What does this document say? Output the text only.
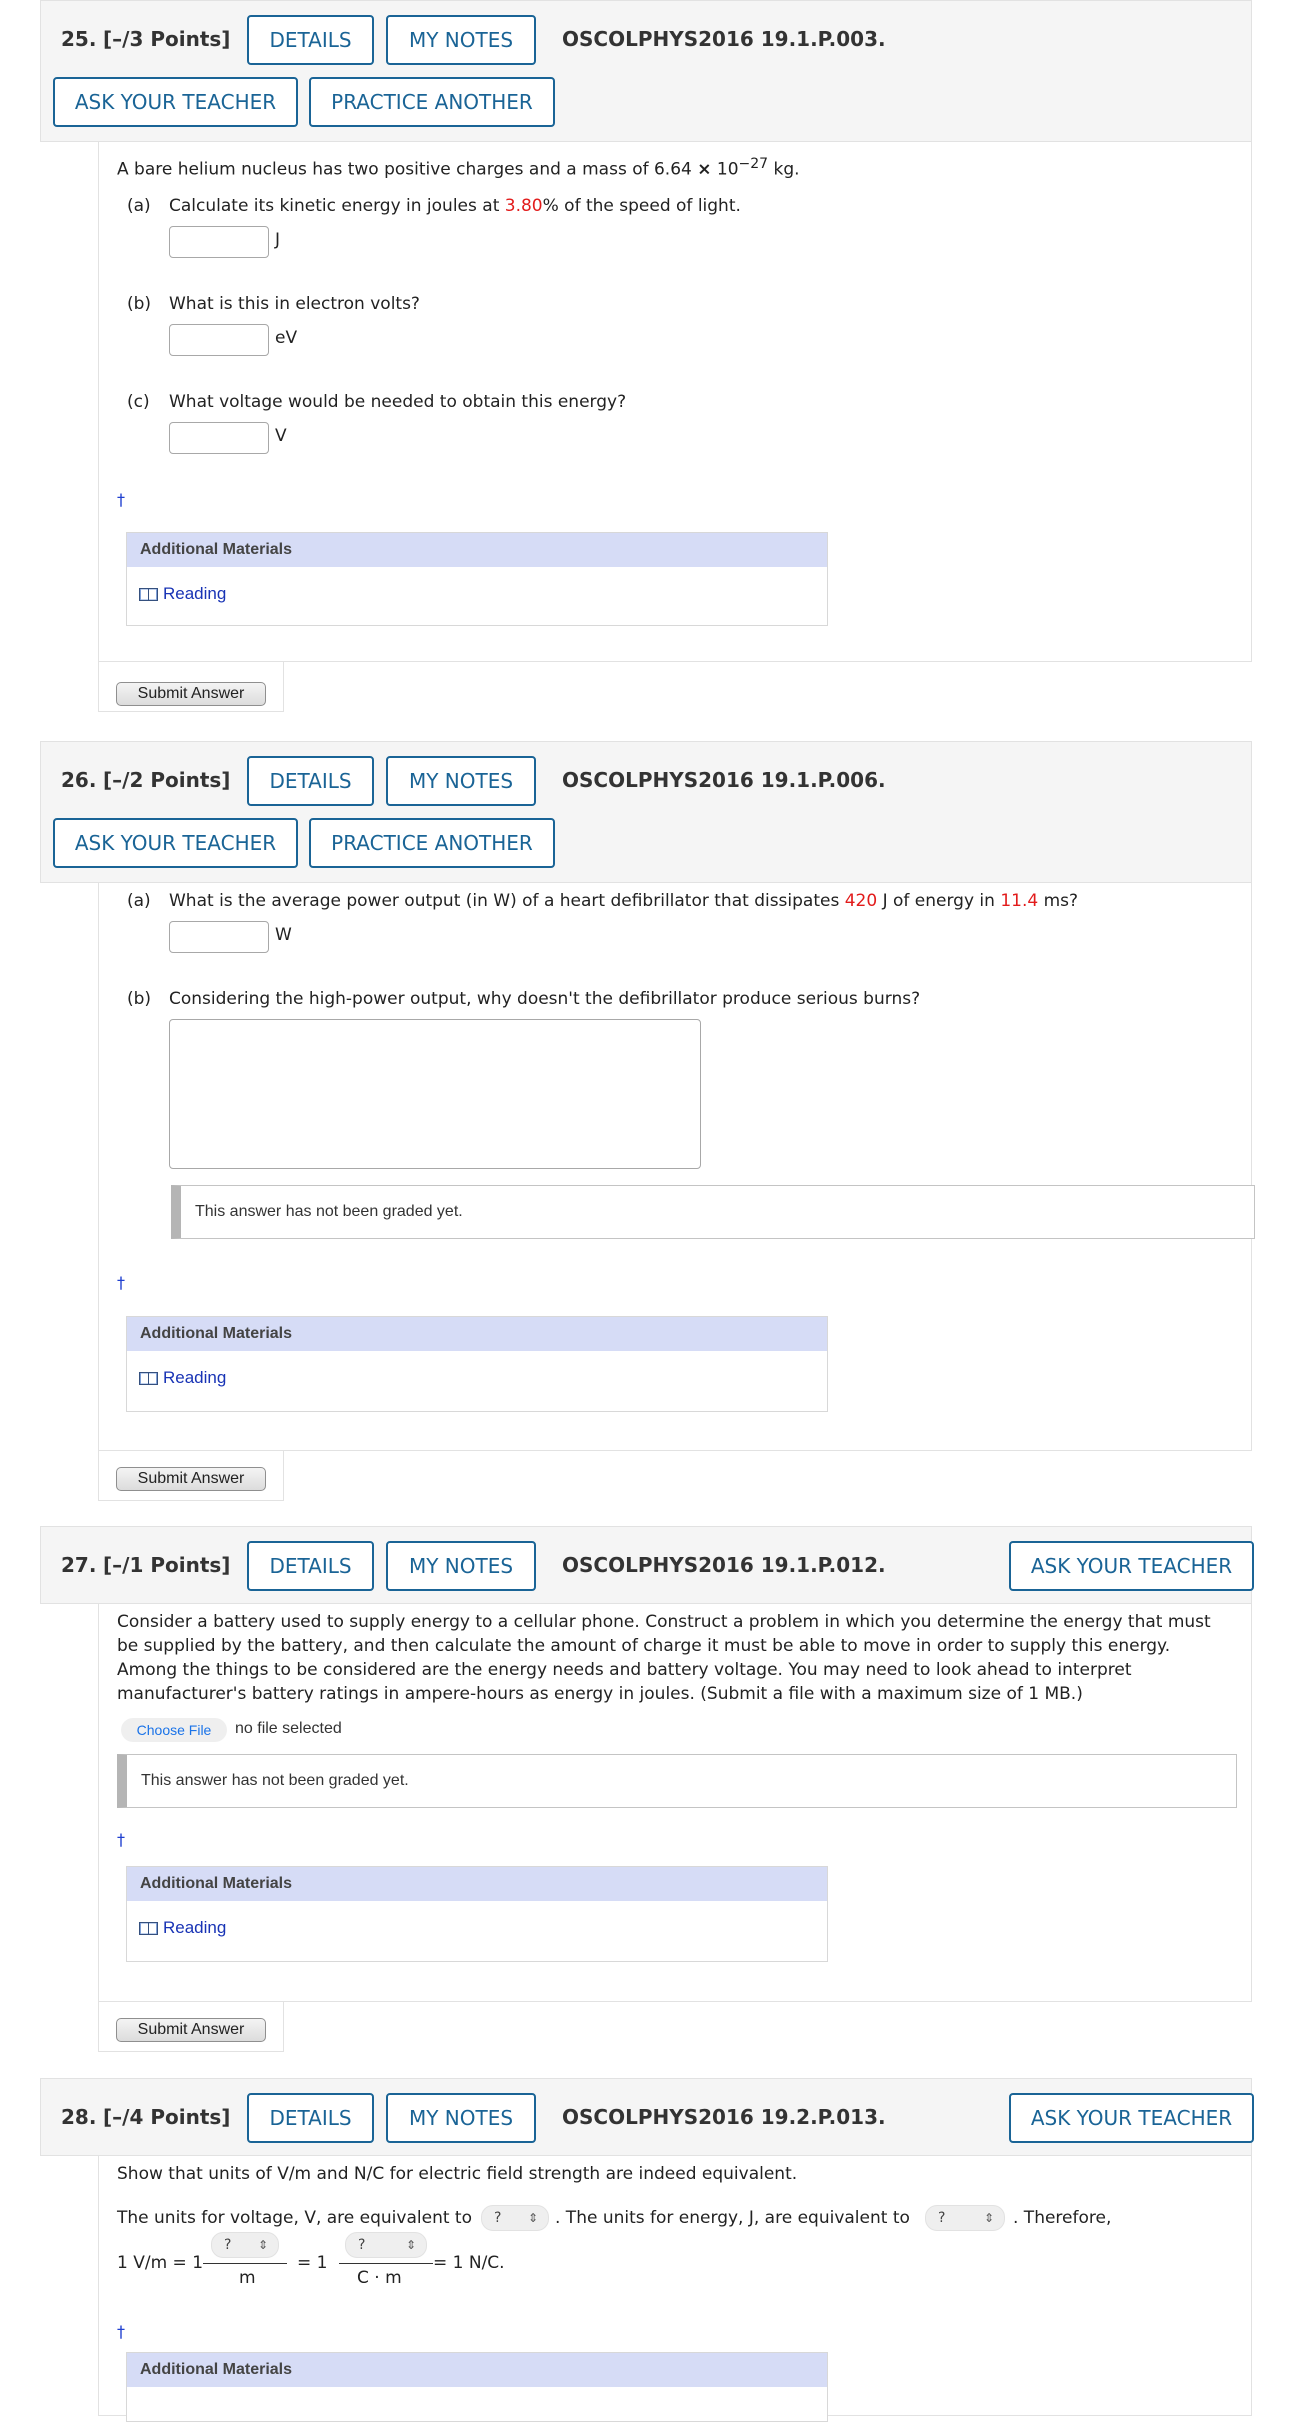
25. [–/3 Points]	DETAILS	MY NOTES	OSCOLPHYS2016 19.1.P.003.
ASK YOUR TEACHER	PRACTICE ANOTHER
A bare helium nucleus has two positive charges and a mass of $6.64 \times 10^{-27}$ kg.
(a) Calculate its kinetic energy in joules at 3.80% of the speed of light.
J
(b) What is this in electron volts?
eV
(c) What voltage would be needed to obtain this energy?
V
†
Additional Materials
Reading
Submit Answer
26. [–/2 Points]	DETAILS	MY NOTES	OSCOLPHYS2016 19.1.P.006.
ASK YOUR TEACHER	PRACTICE ANOTHER
(a) What is the average power output (in W) of a heart defibrillator that dissipates 420 J of energy in 11.4 ms?
W
(b) Considering the high-power output, why doesn't the defibrillator produce serious burns?
This answer has not been graded yet.
†
Additional Materials
Reading
Submit Answer
27. [–/1 Points]	DETAILS	MY NOTES	OSCOLPHYS2016 19.1.P.012.	ASK YOUR TEACHER
Consider a battery used to supply energy to a cellular phone. Construct a problem in which you determine the energy that must
be supplied by the battery, and then calculate the amount of charge it must be able to move in order to supply this energy.
Among the things to be considered are the energy needs and battery voltage. You may need to look ahead to interpret
manufacturer's battery ratings in ampere-hours as energy in joules. (Submit a file with a maximum size of 1 MB.)
Choose File	no file selected
This answer has not been graded yet.
†
Additional Materials
Reading
Submit Answer
28. [–/4 Points]	DETAILS	MY NOTES	OSCOLPHYS2016 19.2.P.013.	ASK YOUR TEACHER
Show that units of V/m and N/C for electric field strength are indeed equivalent.
The units for voltage, V, are equivalent to ? ⇕ . The units for energy, J, are equivalent to ?	⇕ . Therefore,
1 V/m = 1
? ⇕
m
= 1
?	⇕
C · m
= 1 N/C.
†
Additional Materials
